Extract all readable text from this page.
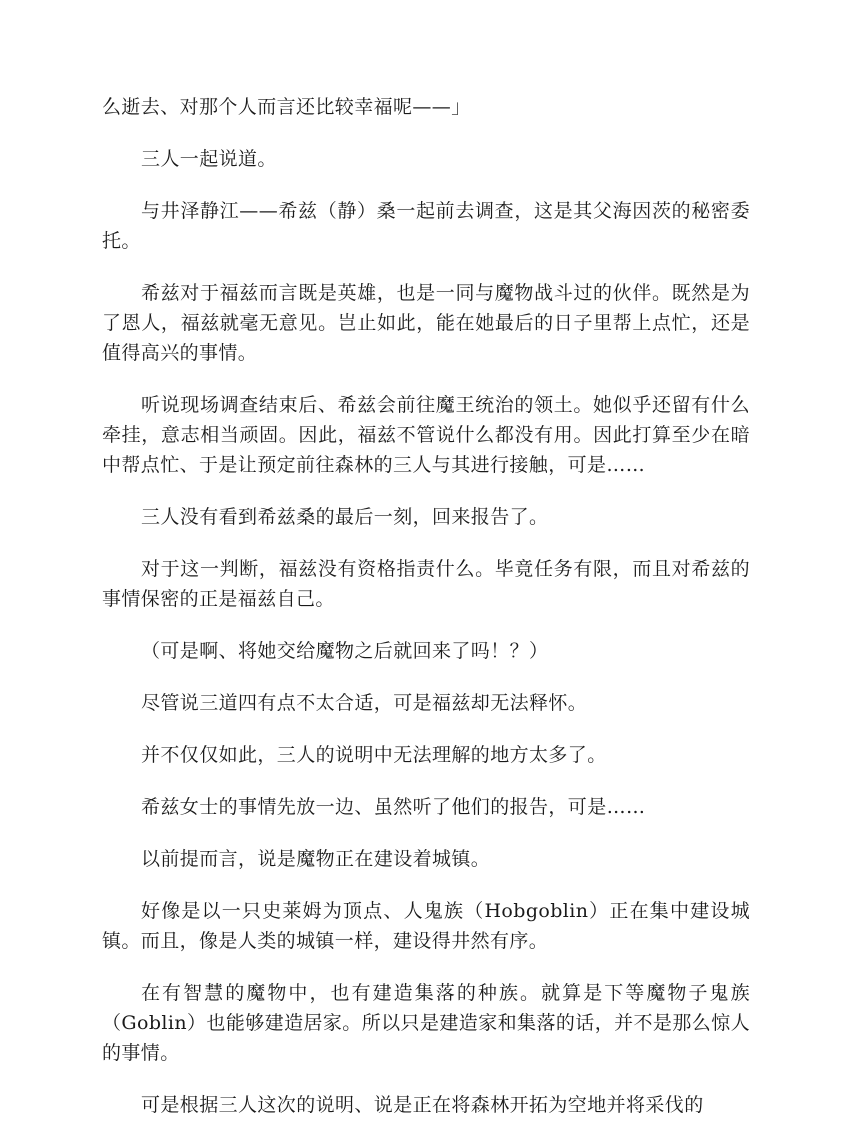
么逝去、对那个人而言还比较幸福呢——」

三人一起说道。

与井泽静江——希兹（静）桑一起前去调查，这是其父海因茨的秘密委托。

希兹对于福兹而言既是英雄，也是一同与魔物战斗过的伙伴。既然是为了恩人，福兹就毫无意见。岂止如此，能在她最后的日子里帮上点忙，还是值得高兴的事情。

听说现场调查结束后、希兹会前往魔王统治的领土。她似乎还留有什么牵挂，意志相当顽固。因此，福兹不管说什么都没有用。因此打算至少在暗中帮点忙、于是让预定前往森林的三人与其进行接触，可是……

三人没有看到希兹桑的最后一刻，回来报告了。

对于这一判断，福兹没有资格指责什么。毕竟任务有限，而且对希兹的事情保密的正是福兹自己。

（可是啊、将她交给魔物之后就回来了吗！？）

尽管说三道四有点不太合适，可是福兹却无法释怀。

并不仅仅如此，三人的说明中无法理解的地方太多了。

希兹女士的事情先放一边、虽然听了他们的报告，可是……

以前提而言，说是魔物正在建设着城镇。

好像是以一只史莱姆为顶点、人鬼族（Hobgoblin）正在集中建设城镇。而且，像是人类的城镇一样，建设得井然有序。

在有智慧的魔物中，也有建造集落的种族。就算是下等魔物子鬼族（Goblin）也能够建造居家。所以只是建造家和集落的话，并不是那么惊人的事情。

可是根据三人这次的说明、说是正在将森林开拓为空地并将采伐的
